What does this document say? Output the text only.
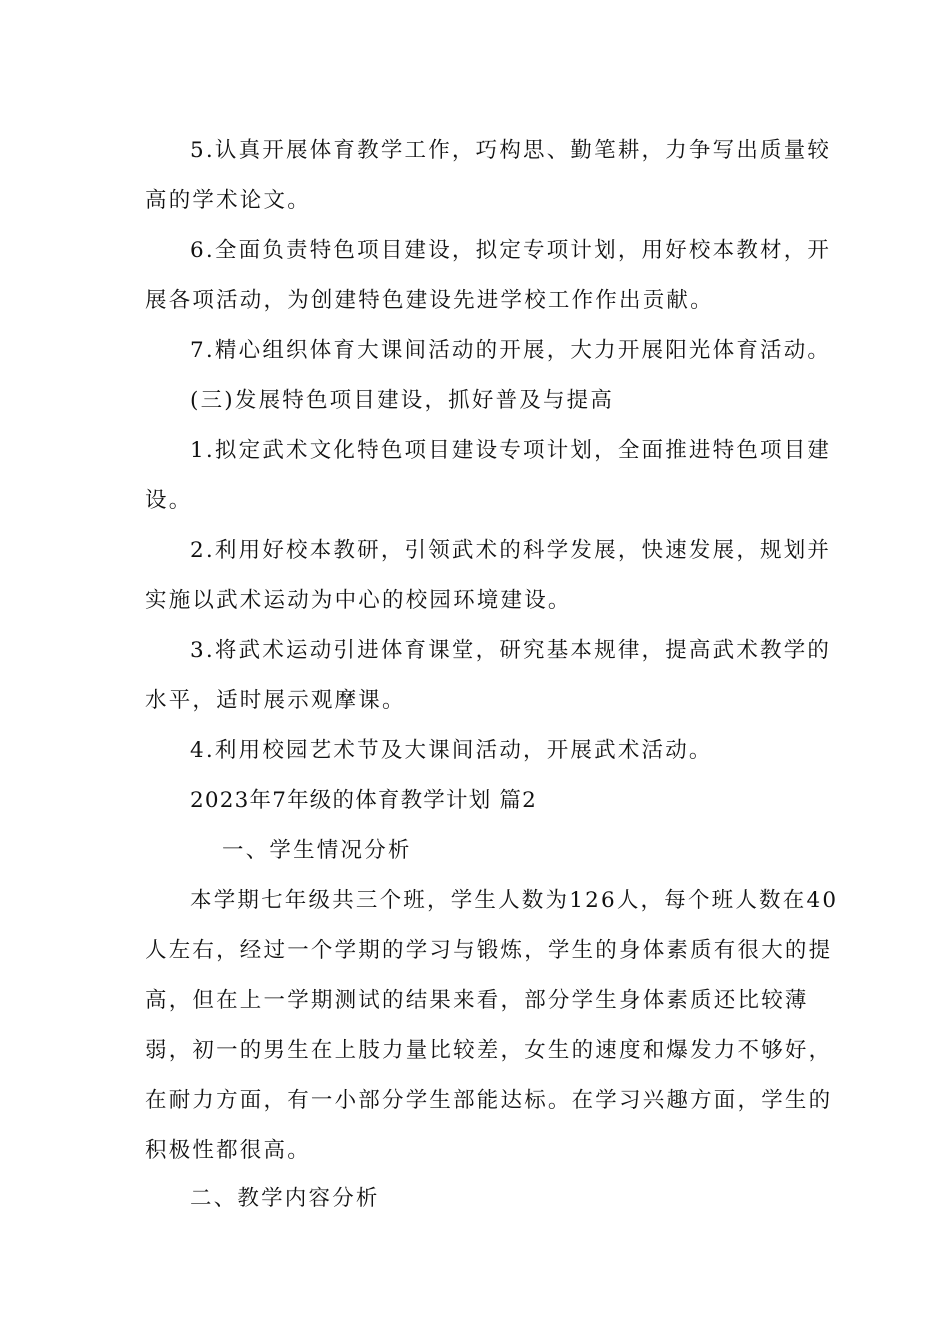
5.认真开展体育教学工作，巧构思、勤笔耕，力争写出质量较
高的学术论文。
6.全面负责特色项目建设，拟定专项计划，用好校本教材，开
展各项活动，为创建特色建设先进学校工作作出贡献。
7.精心组织体育大课间活动的开展，大力开展阳光体育活动。
(三)发展特色项目建设，抓好普及与提高
1.拟定武术文化特色项目建设专项计划，全面推进特色项目建
设。
2.利用好校本教研，引领武术的科学发展，快速发展，规划并
实施以武术运动为中心的校园环境建设。
3.将武术运动引进体育课堂，研究基本规律，提高武术教学的
水平，适时展示观摩课。
4.利用校园艺术节及大课间活动，开展武术活动。
2023年7年级的体育教学计划 篇2
一、学生情况分析
本学期七年级共三个班，学生人数为126人，每个班人数在40
人左右，经过一个学期的学习与锻炼，学生的身体素质有很大的提
高，但在上一学期测试的结果来看，部分学生身体素质还比较薄
弱，初一的男生在上肢力量比较差，女生的速度和爆发力不够好，
在耐力方面，有一小部分学生部能达标。在学习兴趣方面，学生的
积极性都很高。
二、教学内容分析
